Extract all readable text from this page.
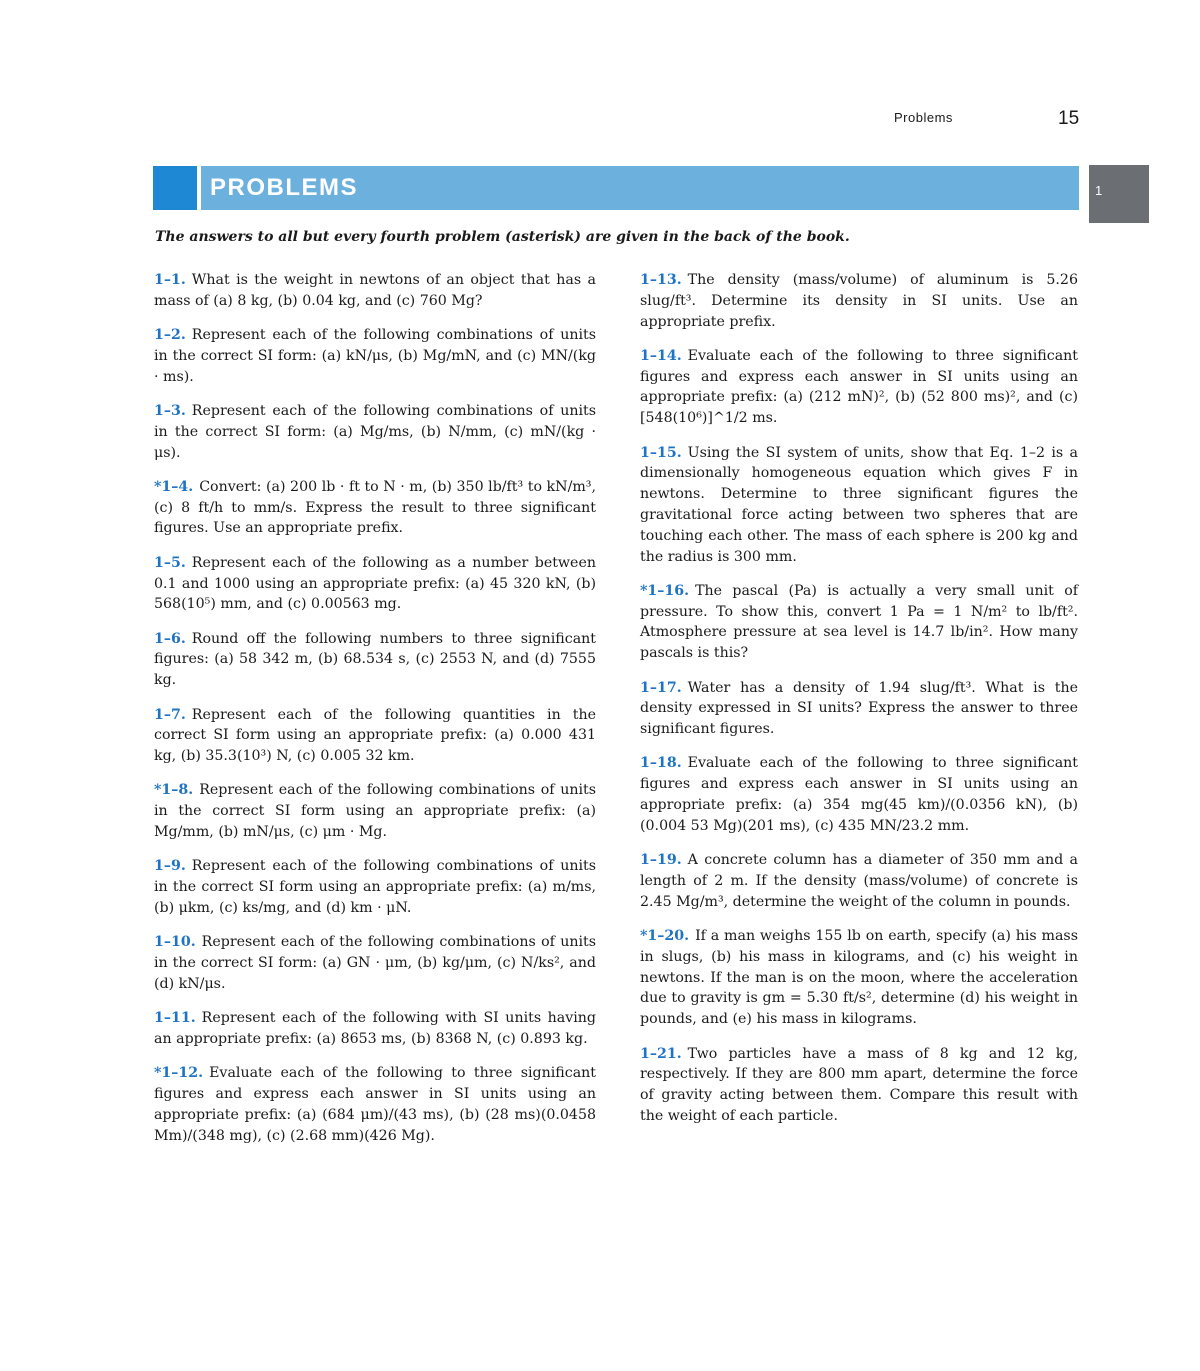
Problems	15
PROBLEMS	1
The answers to all but every fourth problem (asterisk) are given in the back of the book.

1–1. What is the weight in newtons of an object that has a mass of (a) 8 kg, (b) 0.04 kg, and (c) 760 Mg?

1–2. Represent each of the following combinations of units in the correct SI form: (a) kN/μs, (b) Mg/mN, and (c) MN/(kg · ms).

1–3. Represent each of the following combinations of units in the correct SI form: (a) Mg/ms, (b) N/mm, (c) mN/(kg · μs).

*1–4. Convert: (a) 200 lb · ft to N · m, (b) 350 lb/ft³ to kN/m³, (c) 8 ft/h to mm/s. Express the result to three significant figures. Use an appropriate prefix.

1–5. Represent each of the following as a number between 0.1 and 1000 using an appropriate prefix: (a) 45 320 kN, (b) 568(10⁵) mm, and (c) 0.00563 mg.

1–6. Round off the following numbers to three significant figures: (a) 58 342 m, (b) 68.534 s, (c) 2553 N, and (d) 7555 kg.

1–7. Represent each of the following quantities in the correct SI form using an appropriate prefix: (a) 0.000 431 kg, (b) 35.3(10³) N, (c) 0.005 32 km.

*1–8. Represent each of the following combinations of units in the correct SI form using an appropriate prefix: (a) Mg/mm, (b) mN/μs, (c) μm · Mg.

1–9. Represent each of the following combinations of units in the correct SI form using an appropriate prefix: (a) m/ms, (b) μkm, (c) ks/mg, and (d) km · μN.

1–10. Represent each of the following combinations of units in the correct SI form: (a) GN · μm, (b) kg/μm, (c) N/ks², and (d) kN/μs.

1–11. Represent each of the following with SI units having an appropriate prefix: (a) 8653 ms, (b) 8368 N, (c) 0.893 kg.

*1–12. Evaluate each of the following to three significant figures and express each answer in SI units using an appropriate prefix: (a) (684 μm)/(43 ms), (b) (28 ms)(0.0458 Mm)/(348 mg), (c) (2.68 mm)(426 Mg).

1–13. The density (mass/volume) of aluminum is 5.26 slug/ft³. Determine its density in SI units. Use an appropriate prefix.

1–14. Evaluate each of the following to three significant figures and express each answer in SI units using an appropriate prefix: (a) (212 mN)², (b) (52 800 ms)², and (c) [548(10⁶)]^1/2 ms.

1–15. Using the SI system of units, show that Eq. 1–2 is a dimensionally homogeneous equation which gives F in newtons. Determine to three significant figures the gravitational force acting between two spheres that are touching each other. The mass of each sphere is 200 kg and the radius is 300 mm.

*1–16. The pascal (Pa) is actually a very small unit of pressure. To show this, convert 1 Pa = 1 N/m² to lb/ft². Atmosphere pressure at sea level is 14.7 lb/in². How many pascals is this?

1–17. Water has a density of 1.94 slug/ft³. What is the density expressed in SI units? Express the answer to three significant figures.

1–18. Evaluate each of the following to three significant figures and express each answer in SI units using an appropriate prefix: (a) 354 mg(45 km)/(0.0356 kN), (b) (0.004 53 Mg)(201 ms), (c) 435 MN/23.2 mm.

1–19. A concrete column has a diameter of 350 mm and a length of 2 m. If the density (mass/volume) of concrete is 2.45 Mg/m³, determine the weight of the column in pounds.

*1–20. If a man weighs 155 lb on earth, specify (a) his mass in slugs, (b) his mass in kilograms, and (c) his weight in newtons. If the man is on the moon, where the acceleration due to gravity is gm = 5.30 ft/s², determine (d) his weight in pounds, and (e) his mass in kilograms.

1–21. Two particles have a mass of 8 kg and 12 kg, respectively. If they are 800 mm apart, determine the force of gravity acting between them. Compare this result with the weight of each particle.
